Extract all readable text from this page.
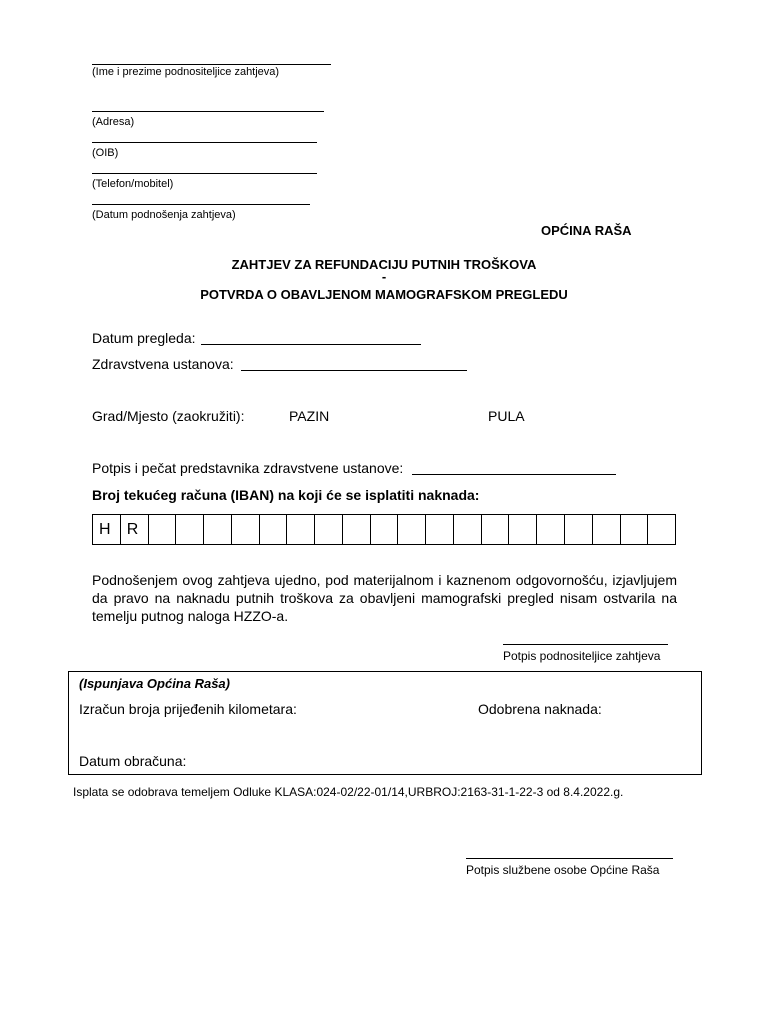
(Ime i prezime podnositeljice zahtjeva)
(Adresa)
(OIB)
(Telefon/mobitel)
(Datum podnošenja zahtjeva)
OPĆINA RAŠA
ZAHTJEV ZA REFUNDACIJU PUTNIH TROŠKOVA
-
POTVRDA O OBAVLJENOM MAMOGRAFSKOM PREGLEDU
Datum pregleda:
Zdravstvena ustanova:
Grad/Mjesto (zaokružiti):	PAZIN	PULA
Potpis i pečat predstavnika zdravstvene ustanove:
Broj tekućeg računa (IBAN) na koji će se isplatiti naknada:
H	R
Podnošenjem ovog zahtjeva ujedno, pod materijalnom i kaznenom odgovornošću, izjavljujem da pravo na naknadu putnih troškova za obavljeni mamografski pregled nisam ostvarila na temelju putnog naloga HZZO-a.
Potpis podnositeljice zahtjeva
(Ispunjava Općina Raša)
Izračun broja prijeđenih kilometara:	Odobrena naknada:
Datum obračuna:
Isplata se odobrava temeljem Odluke KLASA:024-02/22-01/14,URBROJ:2163-31-1-22-3 od 8.4.2022.g.
Potpis službene osobe Općine Raša
